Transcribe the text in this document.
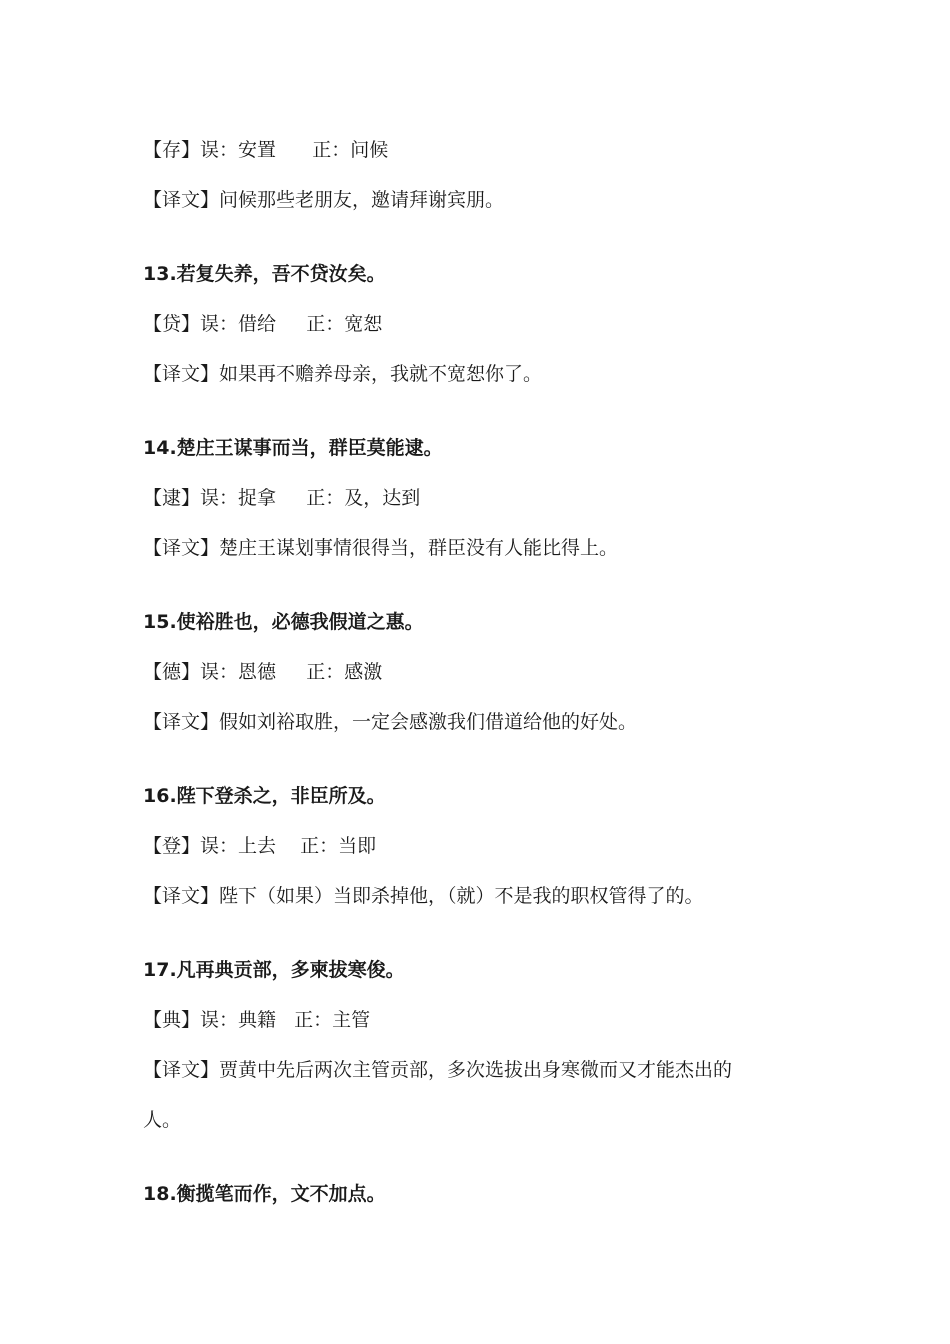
【存】误：安置      正：问候
【译文】问候那些老朋友，邀请拜谢宾朋。
13.若复失养，吾不贷汝矣。
【贷】误：借给     正：宽恕
【译文】如果再不赡养母亲，我就不宽恕你了。
14.楚庄王谋事而当，群臣莫能逮。
【逮】误：捉拿     正：及，达到
【译文】楚庄王谋划事情很得当，群臣没有人能比得上。
15.使裕胜也，必德我假道之惠。
【德】误：恩德     正：感激
【译文】假如刘裕取胜，一定会感激我们借道给他的好处。
16.陛下登杀之，非臣所及。
【登】误：上去    正：当即
【译文】陛下（如果）当即杀掉他，（就）不是我的职权管得了的。
17.凡再典贡部，多柬拔寒俊。
【典】误：典籍   正：主管
【译文】贾黄中先后两次主管贡部，多次选拔出身寒微而又才能杰出的
人。
18.衡揽笔而作，文不加点。
